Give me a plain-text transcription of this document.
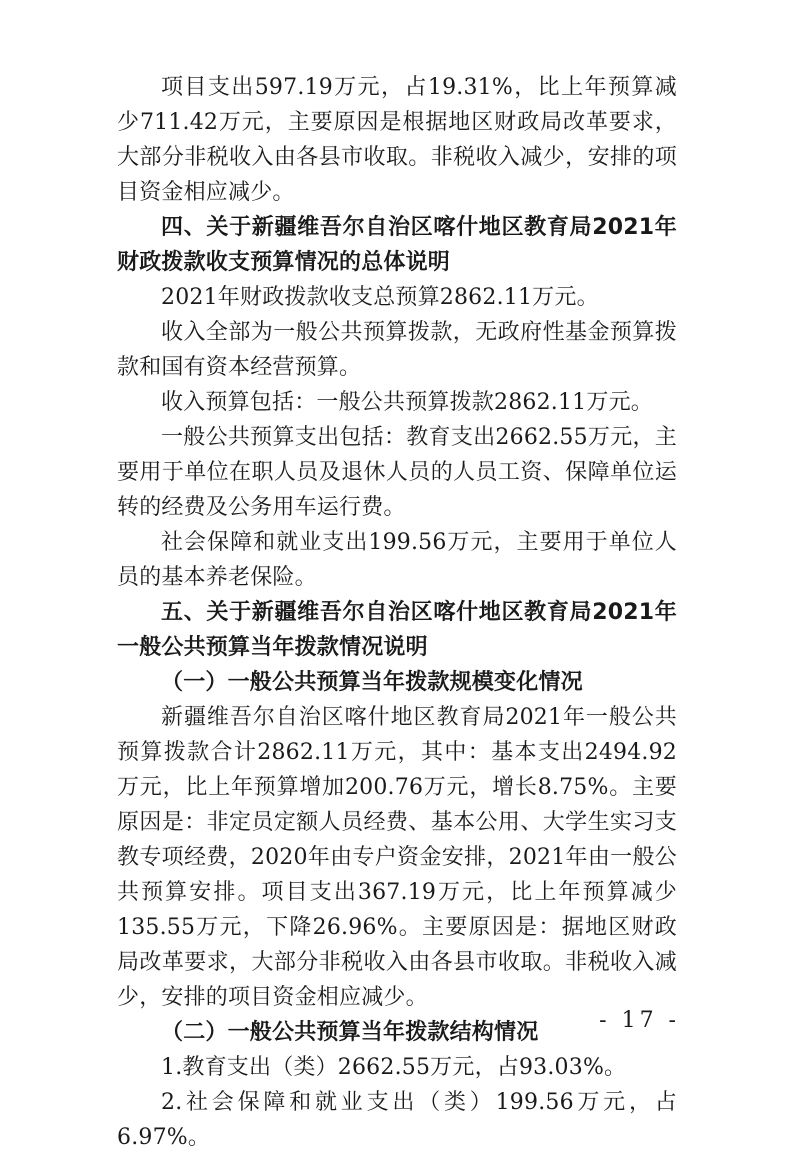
项目支出597.19万元，占19.31%，比上年预算减少711.42万元，主要原因是根据地区财政局改革要求，大部分非税收入由各县市收取。非税收入减少，安排的项目资金相应减少。

四、关于新疆维吾尔自治区喀什地区教育局2021年财政拨款收支预算情况的总体说明

2021年财政拨款收支总预算2862.11万元。

收入全部为一般公共预算拨款，无政府性基金预算拨款和国有资本经营预算。

收入预算包括：一般公共预算拨款2862.11万元。

一般公共预算支出包括：教育支出2662.55万元，主要用于单位在职人员及退休人员的人员工资、保障单位运转的经费及公务用车运行费。

社会保障和就业支出199.56万元，主要用于单位人员的基本养老保险。

五、关于新疆维吾尔自治区喀什地区教育局2021年一般公共预算当年拨款情况说明

（一）一般公共预算当年拨款规模变化情况

新疆维吾尔自治区喀什地区教育局2021年一般公共预算拨款合计2862.11万元，其中：基本支出2494.92万元，比上年预算增加200.76万元，增长8.75%。主要原因是：非定员定额人员经费、基本公用、大学生实习支教专项经费，2020年由专户资金安排，2021年由一般公共预算安排。项目支出367.19万元，比上年预算减少135.55万元，下降26.96%。主要原因是：据地区财政局改革要求，大部分非税收入由各县市收取。非税收入减少，安排的项目资金相应减少。

（二）一般公共预算当年拨款结构情况

1.教育支出（类）2662.55万元，占93.03%。

2.社会保障和就业支出（类）199.56万元，占6.97%。

- 17 -
